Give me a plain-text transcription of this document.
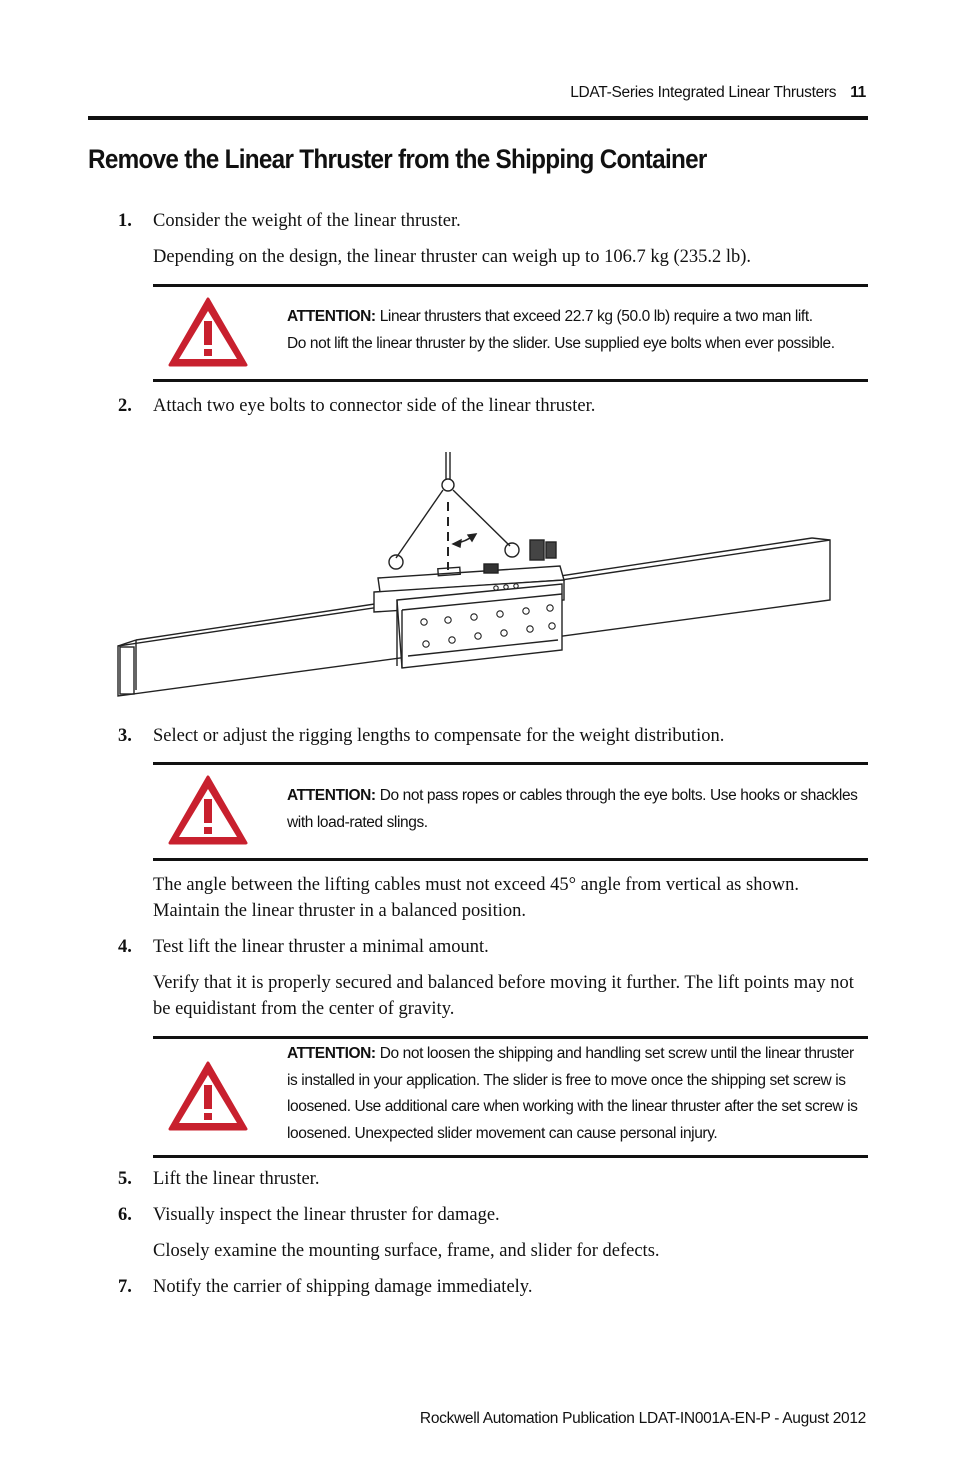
LDAT-Series Integrated Linear Thrusters 11
Remove the Linear Thruster from the Shipping Container
1. Consider the weight of the linear thruster.
Depending on the design, the linear thruster can weigh up to 106.7 kg (235.2 lb).
ATTENTION: Linear thrusters that exceed 22.7 kg (50.0 lb) require a two man lift.
Do not lift the linear thruster by the slider. Use supplied eye bolts when ever possible.
2. Attach two eye bolts to connector side of the linear thruster.
3. Select or adjust the rigging lengths to compensate for the weight distribution.
ATTENTION: Do not pass ropes or cables through the eye bolts. Use hooks or shackles with load-rated slings.
The angle between the lifting cables must not exceed 45° angle from vertical as shown. Maintain the linear thruster in a balanced position.
4. Test lift the linear thruster a minimal amount.
Verify that it is properly secured and balanced before moving it further. The lift points may not be equidistant from the center of gravity.
ATTENTION: Do not loosen the shipping and handling set screw until the linear thruster is installed in your application. The slider is free to move once the shipping set screw is loosened. Use additional care when working with the linear thruster after the set screw is loosened. Unexpected slider movement can cause personal injury.
5. Lift the linear thruster.
6. Visually inspect the linear thruster for damage.
Closely examine the mounting surface, frame, and slider for defects.
7. Notify the carrier of shipping damage immediately.
Rockwell Automation Publication LDAT-IN001A-EN-P - August 2012
